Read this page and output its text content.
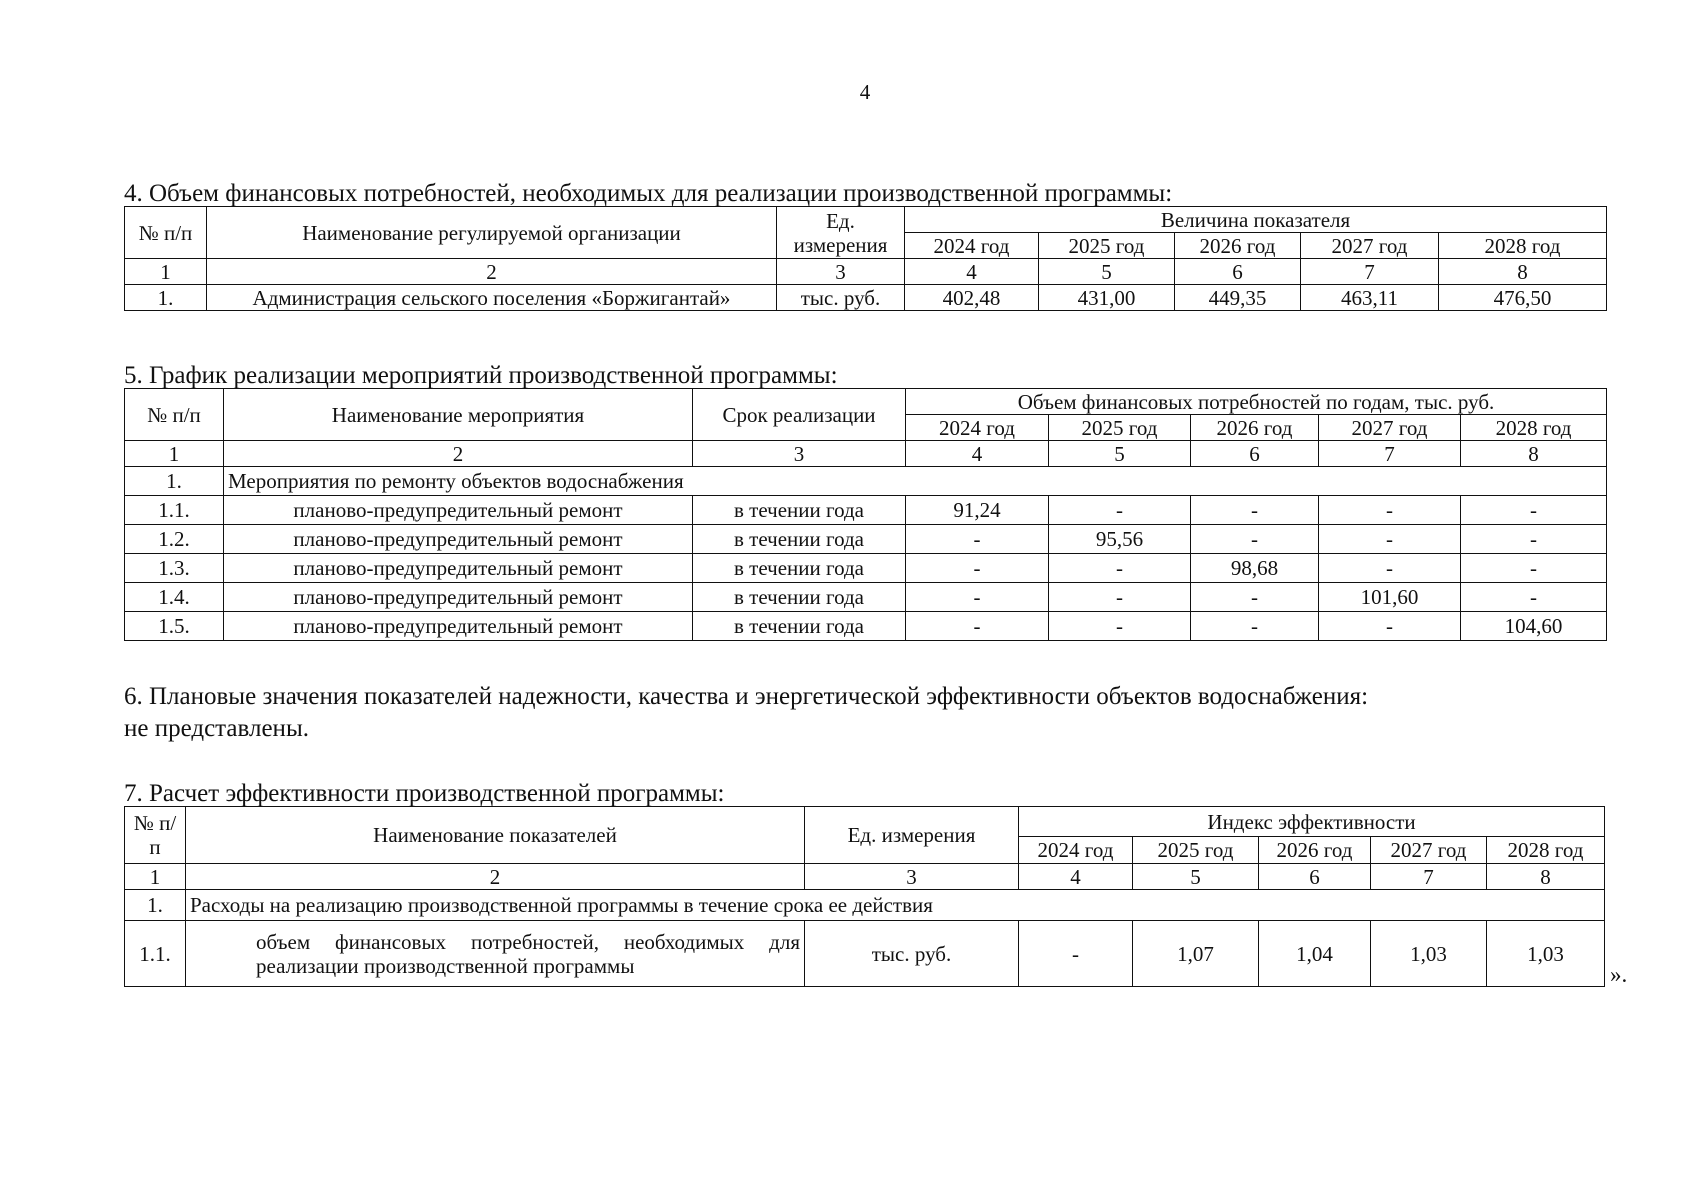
4
4. Объем финансовых потребностей, необходимых для реализации производственной программы:
№ п/п	Наименование регулируемой организации	Ед. измерения	Величина показателя				
			2024 год	2025 год	2026 год	2027 год	2028 год
1	2	3	4	5	6	7	8
1.	Администрация сельского поселения «Боржигантай»	тыс. руб.	402,48	431,00	449,35	463,11	476,50
5. График реализации мероприятий производственной программы:
№ п/п	Наименование мероприятия	Срок реализации	Объем финансовых потребностей по годам, тыс. руб.				
			2024 год	2025 год	2026 год	2027 год	2028 год
1	2	3	4	5	6	7	8
1.	Мероприятия по ремонту объектов водоснабжения						
1.1.	планово-предупредительный ремонт	в течении года	91,24	-	-	-	-
1.2.	планово-предупредительный ремонт	в течении года	-	95,56	-	-	-
1.3.	планово-предупредительный ремонт	в течении года	-	-	98,68	-	-
1.4.	планово-предупредительный ремонт	в течении года	-	-	-	101,60	-
1.5.	планово-предупредительный ремонт	в течении года	-	-	-	-	104,60
6. Плановые значения показателей надежности, качества и энергетической эффективности объектов водоснабжения:
не представлены.
7. Расчет эффективности производственной программы:
№ п/п	Наименование показателей	Ед. измерения	Индекс эффективности				
			2024 год	2025 год	2026 год	2027 год	2028 год
1	2	3	4	5	6	7	8
1.	Расходы на реализацию производственной программы в течение срока ее действия						
1.1.	объем финансовых потребностей, необходимых для реализации производственной программы	тыс. руб.	-	1,07	1,04	1,03	1,03
».
